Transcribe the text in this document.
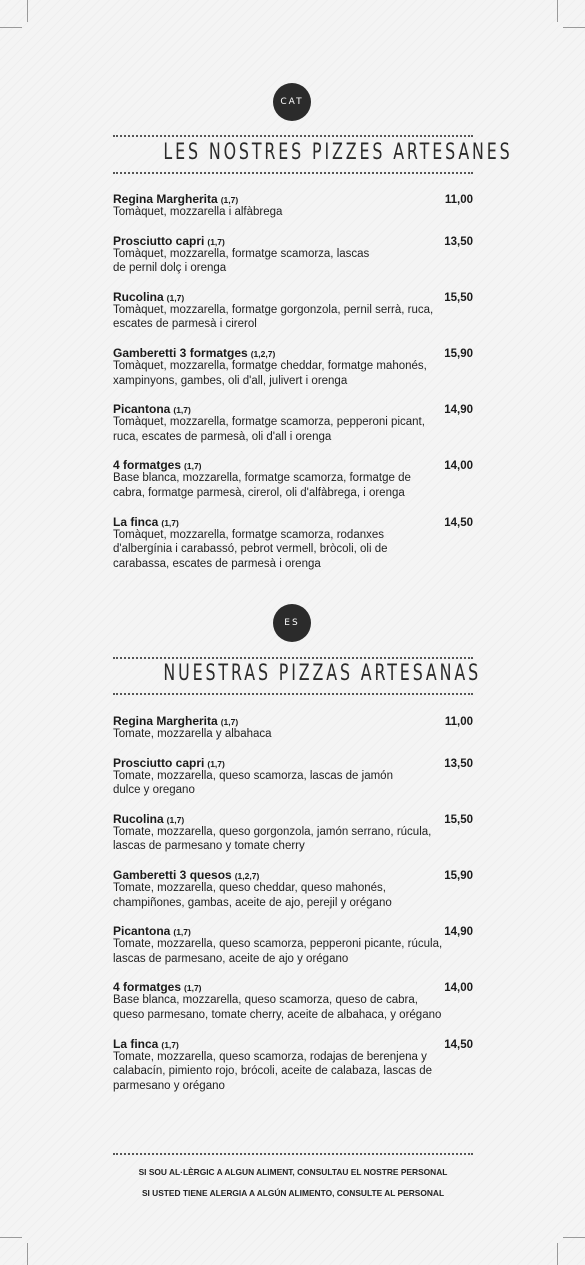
CAT
LES NOSTRES PIZZES ARTESANES
Regina Margherita (1,7)	11,00
Tomàquet, mozzarella i alfàbrega
Prosciutto capri (1,7)	13,50
Tomàquet, mozzarella, formatge scamorza, lascas
de pernil dolç i orenga
Rucolina (1,7)	15,50
Tomàquet, mozzarella, formatge gorgonzola, pernil serrà, ruca,
escates de parmesà i cirerol
Gamberetti 3 formatges (1,2,7)	15,90
Tomàquet, mozzarella, formatge cheddar, formatge mahonés,
xampinyons, gambes, oli d'all, julivert i orenga
Picantona (1,7)	14,90
Tomàquet, mozzarella, formatge scamorza, pepperoni picant,
ruca, escates de parmesà, oli d'all i orenga
4 formatges (1,7)	14,00
Base blanca, mozzarella, formatge scamorza, formatge de
cabra, formatge parmesà, cirerol, oli d'alfàbrega, i orenga
La finca (1,7)	14,50
Tomàquet, mozzarella, formatge scamorza, rodanxes
d'albergínia i carabassó, pebrot vermell, bròcoli, oli de
carabassa, escates de parmesà i orenga
ES
NUESTRAS PIZZAS ARTESANAS
Regina Margherita (1,7)	11,00
Tomate, mozzarella y albahaca
Prosciutto capri (1,7)	13,50
Tomate, mozzarella, queso scamorza, lascas de jamón
dulce y oregano
Rucolina (1,7)	15,50
Tomate, mozzarella, queso gorgonzola, jamón serrano, rúcula,
lascas de parmesano y tomate cherry
Gamberetti 3 quesos (1,2,7)	15,90
Tomate, mozzarella, queso cheddar, queso mahonés,
champiñones, gambas, aceite de ajo, perejil y orégano
Picantona (1,7)	14,90
Tomate, mozzarella, queso scamorza, pepperoni picante, rúcula,
lascas de parmesano, aceite de ajo y orégano
4 formatges (1,7)	14,00
Base blanca, mozzarella, queso scamorza, queso de cabra,
queso parmesano, tomate cherry, aceite de albahaca, y orégano
La finca (1,7)	14,50
Tomate, mozzarella, queso scamorza, rodajas de berenjena y
calabacín, pimiento rojo, brócoli, aceite de calabaza, lascas de
parmesano y orégano
SI SOU AL·LÈRGIC A ALGUN ALIMENT, CONSULTAU EL NOSTRE PERSONAL
SI USTED TIENE ALERGIA A ALGÚN ALIMENTO, CONSULTE AL PERSONAL
